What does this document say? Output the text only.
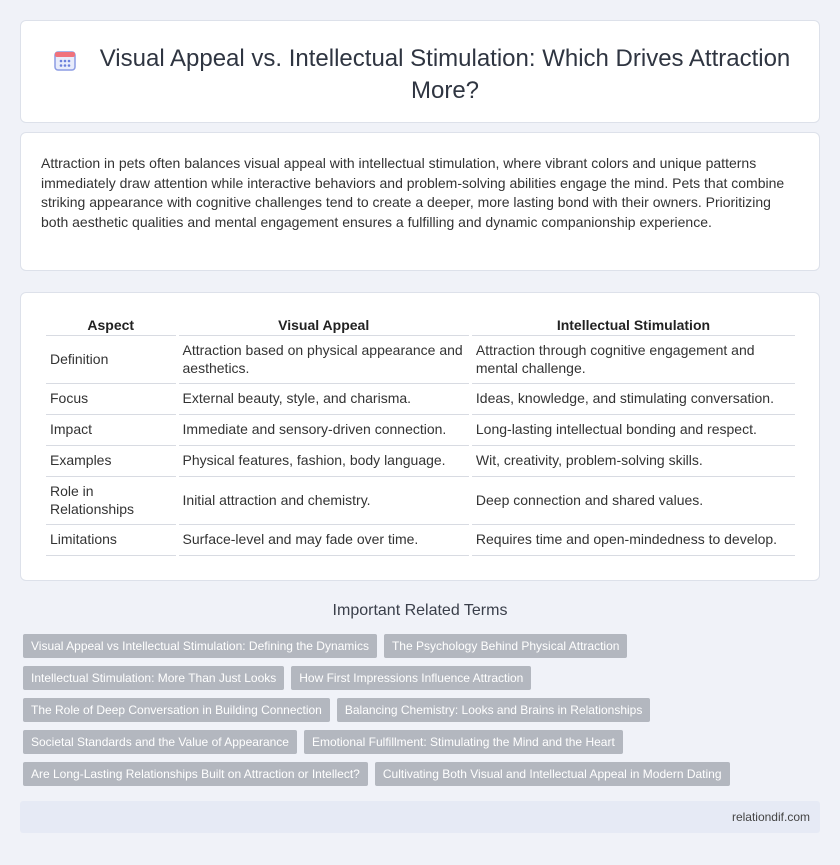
Visual Appeal vs. Intellectual Stimulation: Which Drives Attraction More?

Attraction in pets often balances visual appeal with intellectual stimulation, where vibrant colors and unique patterns immediately draw attention while interactive behaviors and problem-solving abilities engage the mind. Pets that combine striking appearance with cognitive challenges tend to create a deeper, more lasting bond with their owners. Prioritizing both aesthetic qualities and mental engagement ensures a fulfilling and dynamic companionship experience.

Aspect	Visual Appeal	Intellectual Stimulation
Definition	Attraction based on physical appearance and aesthetics.	Attraction through cognitive engagement and mental challenge.
Focus	External beauty, style, and charisma.	Ideas, knowledge, and stimulating conversation.
Impact	Immediate and sensory-driven connection.	Long-lasting intellectual bonding and respect.
Examples	Physical features, fashion, body language.	Wit, creativity, problem-solving skills.
Role in Relationships	Initial attraction and chemistry.	Deep connection and shared values.
Limitations	Surface-level and may fade over time.	Requires time and open-mindedness to develop.
Important Related Terms
Visual Appeal vs Intellectual Stimulation: Defining the Dynamics	The Psychology Behind Physical Attraction
Intellectual Stimulation: More Than Just Looks	How First Impressions Influence Attraction
The Role of Deep Conversation in Building Connection	Balancing Chemistry: Looks and Brains in Relationships
Societal Standards and the Value of Appearance	Emotional Fulfillment: Stimulating the Mind and the Heart
Are Long-Lasting Relationships Built on Attraction or Intellect?	Cultivating Both Visual and Intellectual Appeal in Modern Dating
relationdif.com
